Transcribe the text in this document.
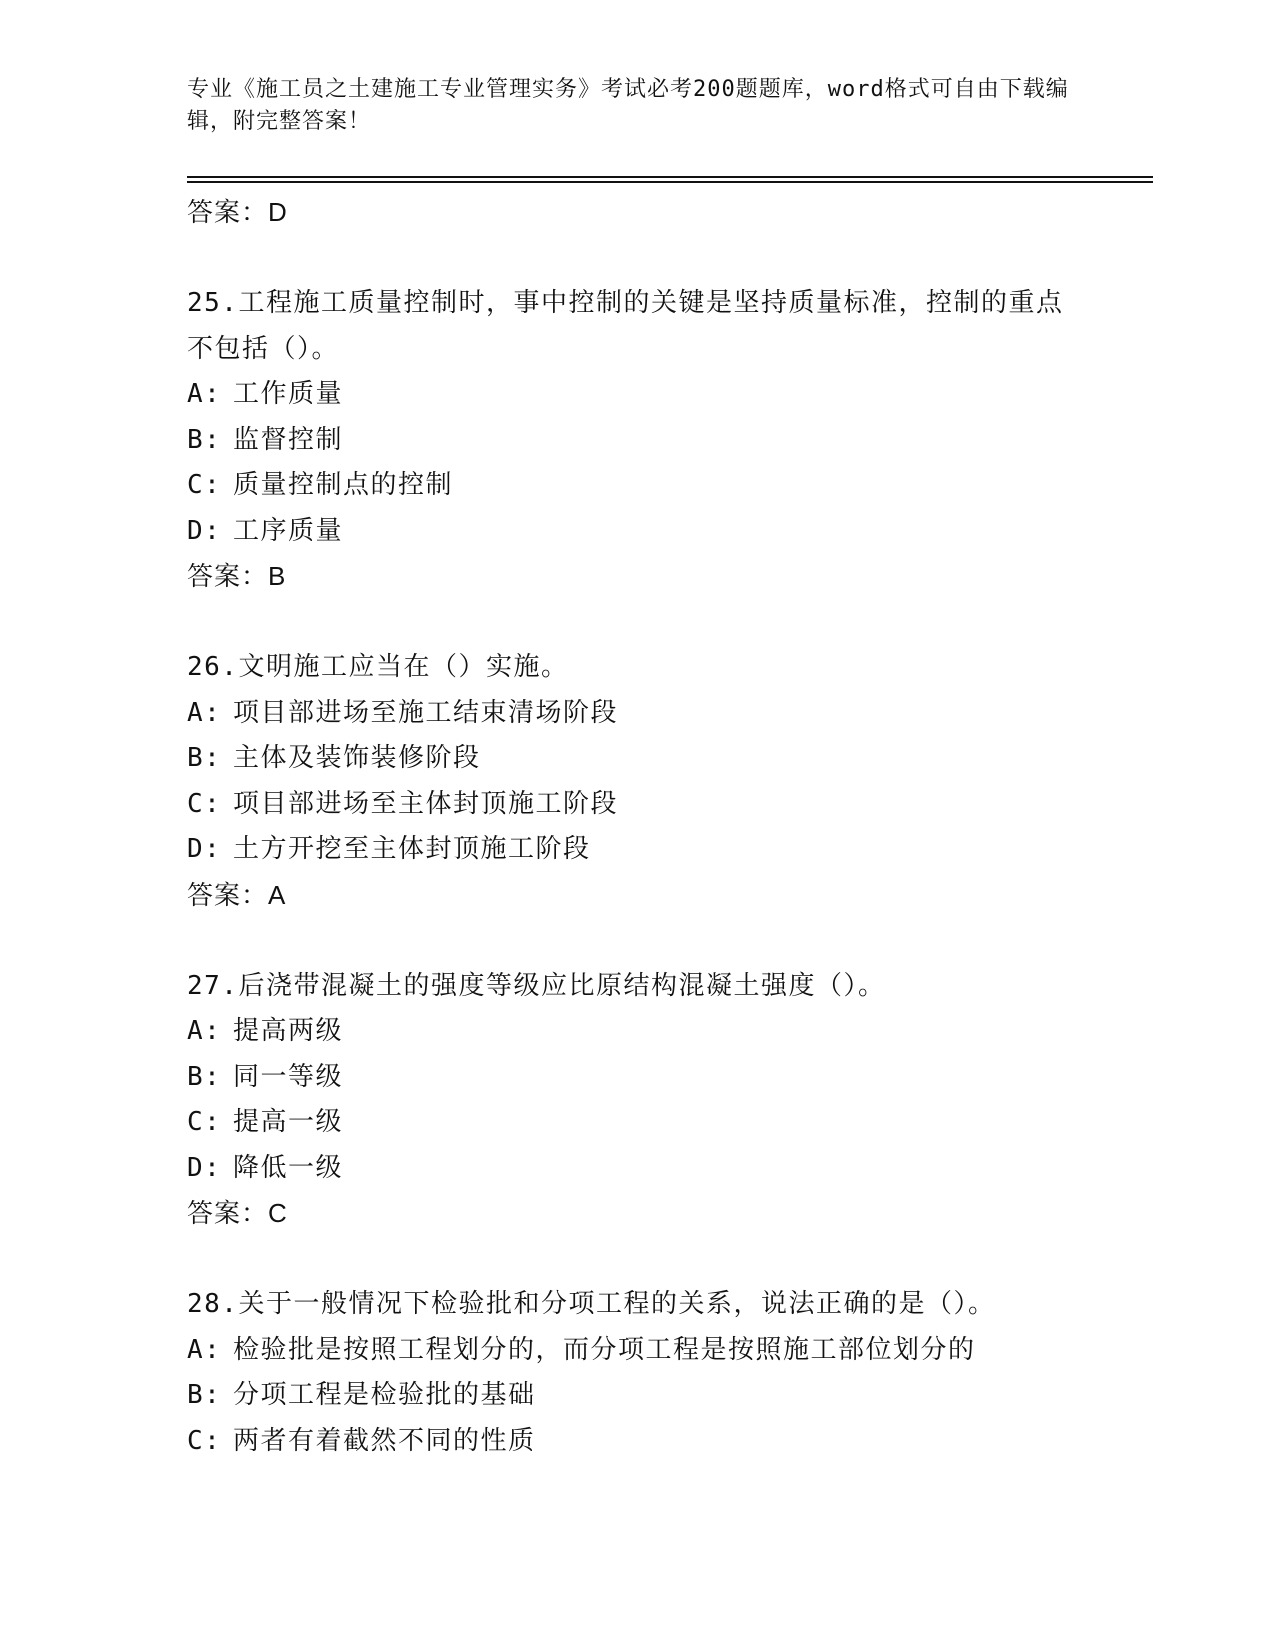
专业《施工员之土建施工专业管理实务》考试必考200题题库，word格式可自由下载编辑，附完整答案！
答案：D
25.工程施工质量控制时，事中控制的关键是坚持质量标准，控制的重点不包括（）。
A: 工作质量
B: 监督控制
C: 质量控制点的控制
D: 工序质量
答案：B
26.文明施工应当在（）实施。
A: 项目部进场至施工结束清场阶段
B: 主体及装饰装修阶段
C: 项目部进场至主体封顶施工阶段
D: 土方开挖至主体封顶施工阶段
答案：A
27.后浇带混凝土的强度等级应比原结构混凝土强度（）。
A: 提高两级
B: 同一等级
C: 提高一级
D: 降低一级
答案：C
28.关于一般情况下检验批和分项工程的关系，说法正确的是（）。
A: 检验批是按照工程划分的，而分项工程是按照施工部位划分的
B: 分项工程是检验批的基础
C: 两者有着截然不同的性质
